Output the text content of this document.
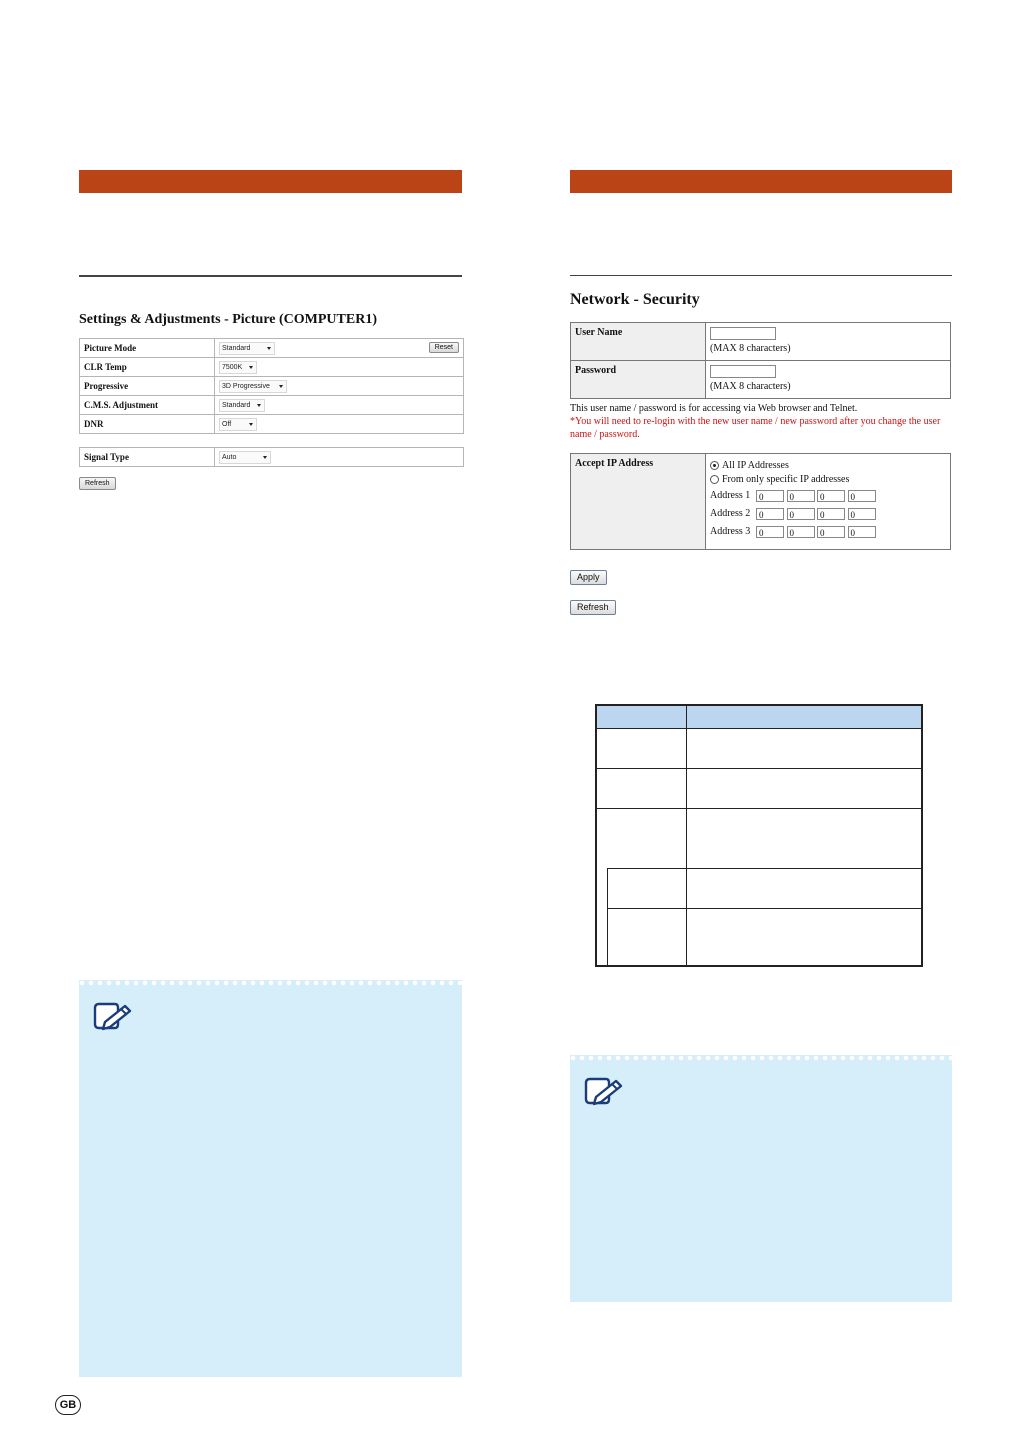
Settings & Adjustments - Picture (COMPUTER1)
Picture Mode	Standard Reset

CLR Temp	7500K

Progressive	3D Progressive

C.M.S. Adjustment	Standard

DNR	Off
Signal Type	Auto
Refresh
Network - Security
User Name	(MAX 8 characters)
Password	(MAX 8 characters)
This user name / password is for accessing via Web browser and Telnet.
*You will need to re-login with the new user name / new password after you change the user name / password.
Accept IP Address	All IP Addresses
From only specific IP addresses
Address 1 0	0	0	0
Address 2 0	0	0	0
Address 3 0	0	0	0
Apply
Refresh
GB
